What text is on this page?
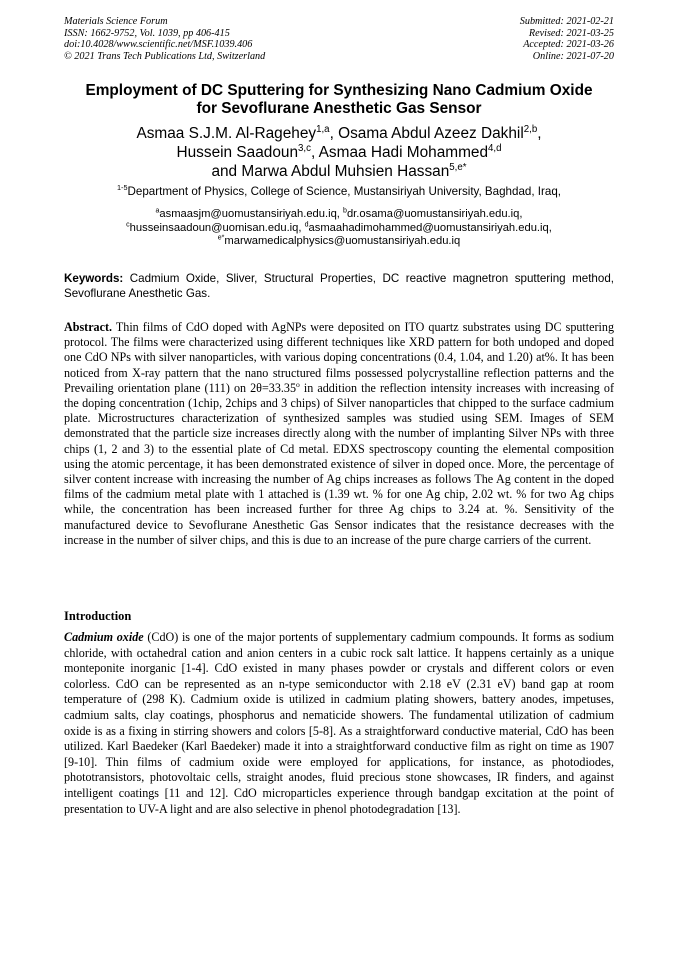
Materials Science Forum
ISSN: 1662-9752, Vol. 1039, pp 406-415
doi:10.4028/www.scientific.net/MSF.1039.406
© 2021 Trans Tech Publications Ltd, Switzerland
Submitted: 2021-02-21
Revised: 2021-03-25
Accepted: 2021-03-26
Online: 2021-07-20
Employment of DC Sputtering for Synthesizing Nano Cadmium Oxide
for Sevoflurane Anesthetic Gas Sensor
Asmaa S.J.M. Al-Ragehey$^{1,a}$, Osama Abdul Azeez Dakhil$^{2,b}$,
Hussein Saadoun$^{3,c}$, Asmaa Hadi Mohammed$^{4,d}$
and Marwa Abdul Muhsien Hassan$^{5,e*}$
$^{1-5}$Department of Physics, College of Science, Mustansiriyah University, Baghdad, Iraq,
$^a$asmaasjm@uomustansiriyah.edu.iq, $^b$dr.osama@uomustansiriyah.edu.iq,
$^c$husseinsaadoun@uomisan.edu.iq, $^d$asmaahadimohammed@uomustansiriyah.edu.iq,
$^{e*}$marwamedicalphysics@uomustansiriyah.edu.iq
Keywords: Cadmium Oxide, Sliver, Structural Properties, DC reactive magnetron sputtering method, Sevoflurane Anesthetic Gas.
Abstract. Thin films of CdO doped with AgNPs were deposited on ITO quartz substrates using DC sputtering protocol. The films were characterized using different techniques like XRD pattern for both undoped and doped one CdO NPs with silver nanoparticles, with various doping concentrations (0.4, 1.04, and 1.20) at%. It has been noticed from X-ray pattern that the nano structured films possessed polycrystalline reflection patterns and the Prevailing orientation plane (111) on $2\theta=33.35^o$ in addition the reflection intensity increases with increasing of the doping concentration (1chip, 2chips and 3 chips) of Silver nanoparticles that chipped to the surface cadmium plate. Microstructures characterization of synthesized samples was studied using SEM. Images of SEM demonstrated that the particle size increases directly along with the number of implanting Silver NPs with three chips (1, 2 and 3) to the essential plate of Cd metal. EDXS spectroscopy counting the elemental composition using the atomic percentage, it has been demonstrated existence of silver in doped once. More, the percentage of silver content increase with increasing the number of Ag chips increases as follows The Ag content in the doped films of the cadmium metal plate with 1 attached is (1.39 wt. % for one Ag chip, 2.02 wt. % for two Ag chips while, the concentration has been increased further for three Ag chips to 3.24 at. %. Sensitivity of the manufactured device to Sevoflurane Anesthetic Gas Sensor indicates that the resistance decreases with the increase in the number of silver chips, and this is due to an increase of the pure charge carriers of the current.
Introduction
Cadmium oxide (CdO) is one of the major portents of supplementary cadmium compounds. It forms as sodium chloride, with octahedral cation and anion centers in a cubic rock salt lattice. It happens certainly as a unique monteponite inorganic [1-4]. CdO existed in many phases powder or crystals and different colors or even colorless. CdO can be represented as an n-type semiconductor with 2.18 eV (2.31 eV) band gap at room temperature of (298 K). Cadmium oxide is utilized in cadmium plating showers, battery anodes, impetuses, cadmium salts, clay coatings, phosphorus and nematicide showers. The fundamental utilization of cadmium oxide is as a fixing in stirring showers and colors [5-8]. As a straightforward conductive material, CdO has been utilized. Karl Baedeker (Karl Baedeker) made it into a straightforward conductive film as right on time as 1907 [9-10]. Thin films of cadmium oxide were employed for applications, for instance, as photodiodes, phototransistors, photovoltaic cells, straight anodes, fluid precious stone showcases, IR finders, and against intelligent coatings [11 and 12]. CdO microparticles experience through bandgap excitation at the point of presentation to UV-A light and are also selective in phenol photodegradation [13].
